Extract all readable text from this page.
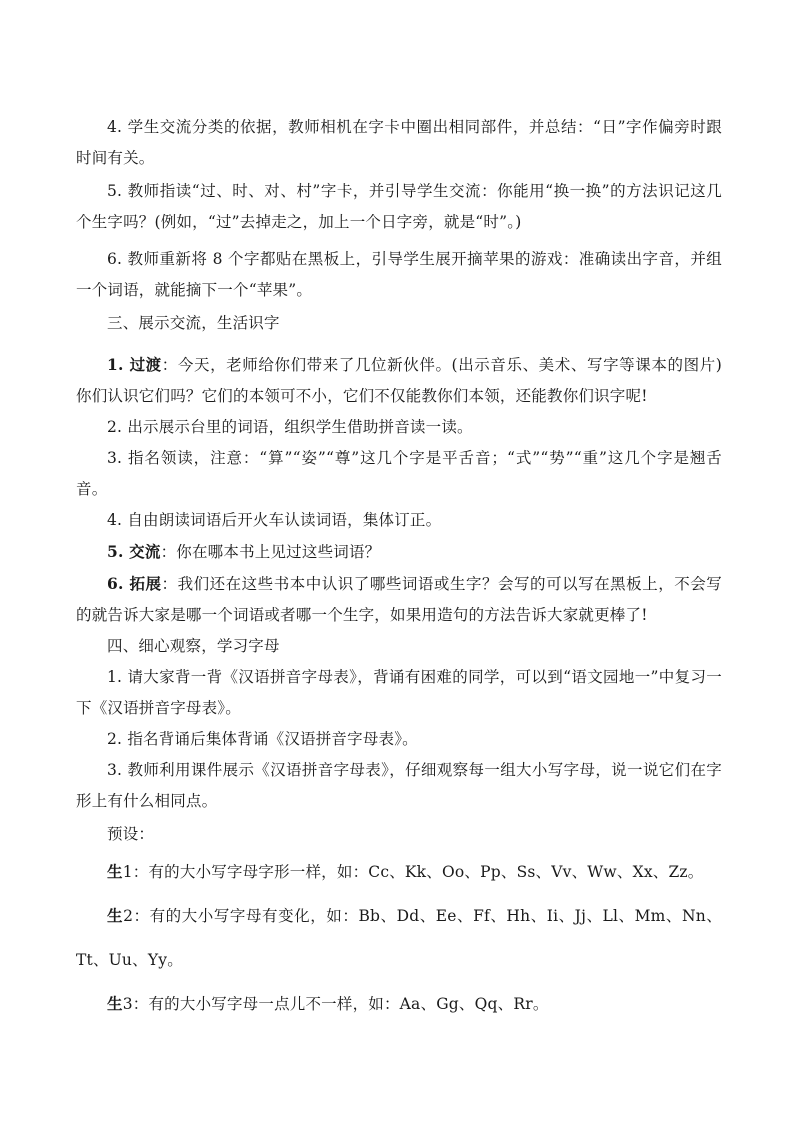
4. 学生交流分类的依据，教师相机在字卡中圈出相同部件，并总结：“日”字作偏旁时跟时间有关。

5. 教师指读“过、时、对、村”字卡，并引导学生交流：你能用“换一换”的方法识记这几个生字吗？(例如，“过”去掉走之，加上一个日字旁，就是“时”。)

6. 教师重新将 8 个字都贴在黑板上，引导学生展开摘苹果的游戏：准确读出字音，并组一个词语，就能摘下一个“苹果”。

三、展示交流，生活识字

1. 过渡：今天，老师给你们带来了几位新伙伴。(出示音乐、美术、写字等课本的图片)你们认识它们吗？它们的本领可不小，它们不仅能教你们本领，还能教你们识字呢!

2. 出示展示台里的词语，组织学生借助拼音读一读。

3. 指名领读，注意：“算”“姿”“尊”这几个字是平舌音；“式”“势”“重”这几个字是翘舌音。

4. 自由朗读词语后开火车认读词语，集体订正。

5. 交流：你在哪本书上见过这些词语？

6. 拓展：我们还在这些书本中认识了哪些词语或生字？会写的可以写在黑板上，不会写的就告诉大家是哪一个词语或者哪一个生字，如果用造句的方法告诉大家就更棒了!

四、细心观察，学习字母

1. 请大家背一背《汉语拼音字母表》，背诵有困难的同学，可以到“语文园地一”中复习一下《汉语拼音字母表》。

2. 指名背诵后集体背诵《汉语拼音字母表》。

3. 教师利用课件展示《汉语拼音字母表》，仔细观察每一组大小写字母，说一说它们在字形上有什么相同点。

预设：

生1：有的大小写字母字形一样，如：Cc、Kk、Oo、Pp、Ss、Vv、Ww、Xx、Zz。

生2：有的大小写字母有变化，如：Bb、Dd、Ee、Ff、Hh、Ii、Jj、Ll、Mm、Nn、Tt、Uu、Yy。

生3：有的大小写字母一点儿不一样，如：Aa、Gg、Qq、Rr。
